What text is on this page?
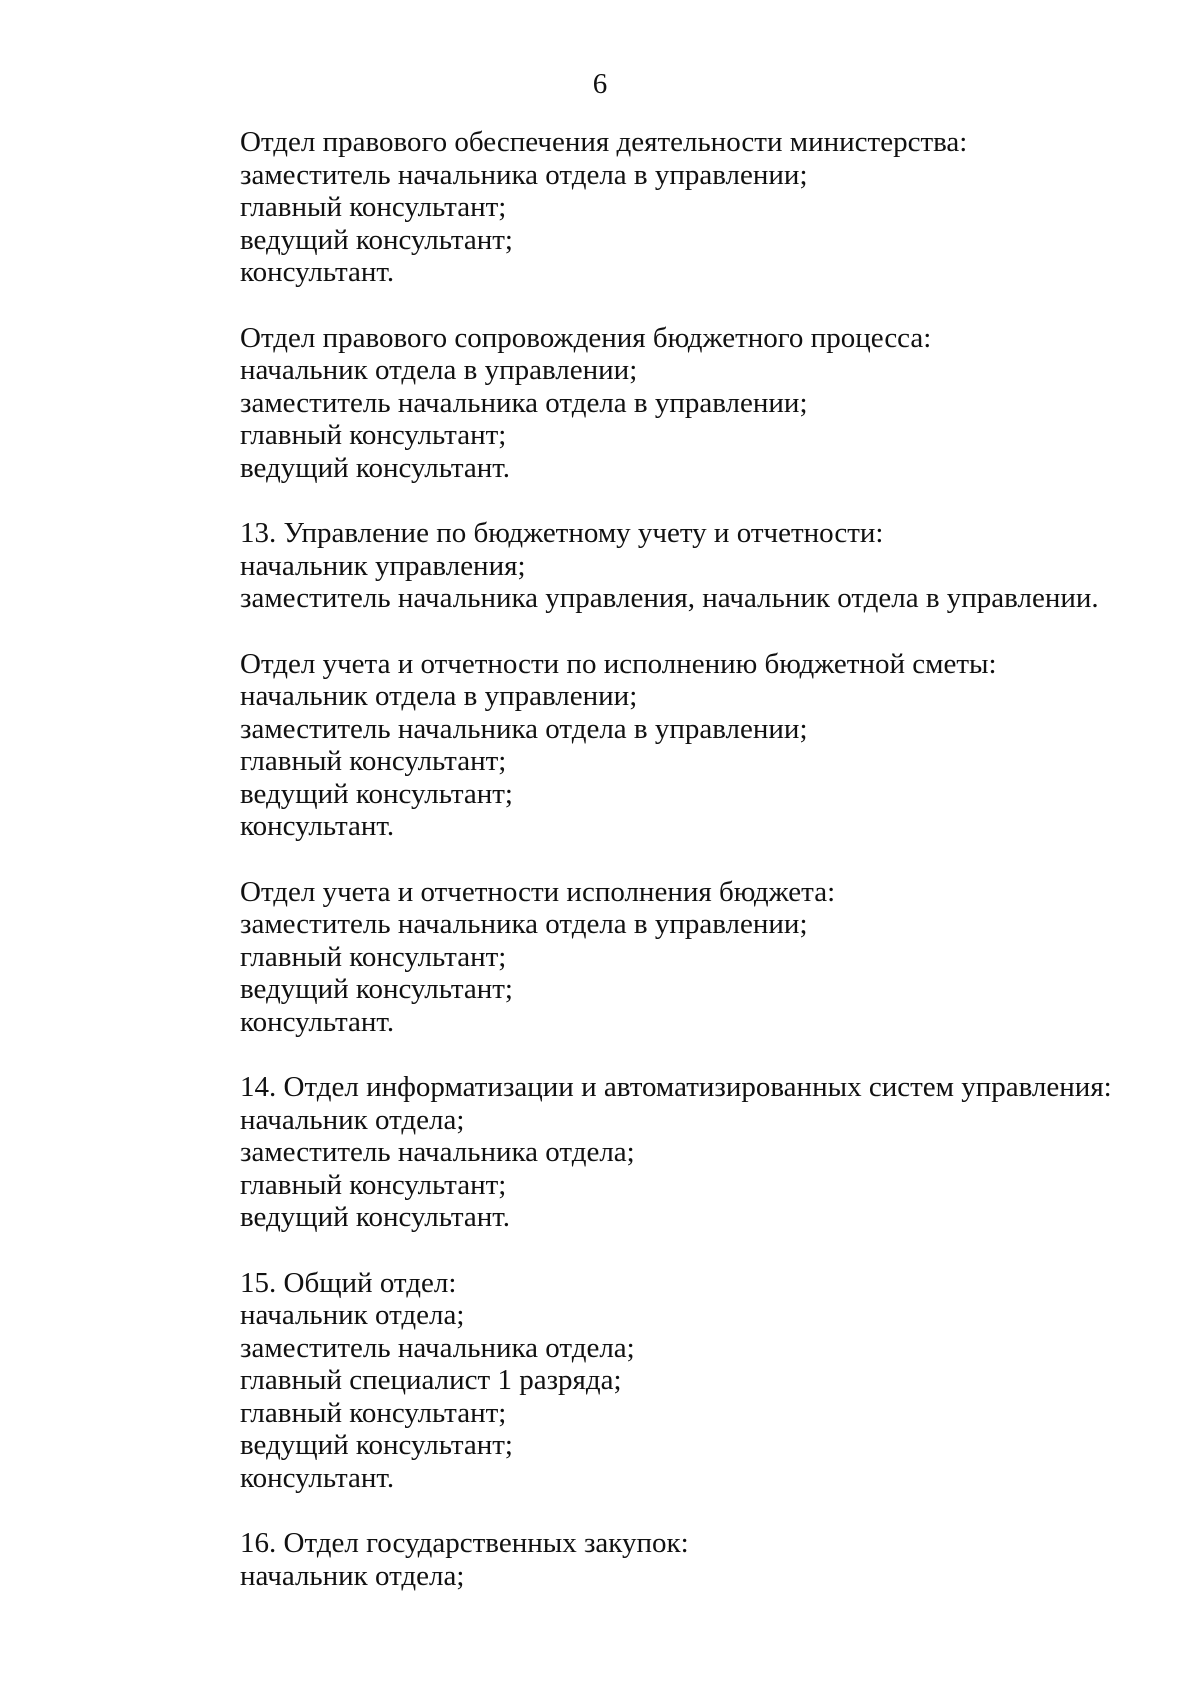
6
Отдел правового обеспечения деятельности министерства:
заместитель начальника отдела в управлении;
главный консультант;
ведущий консультант;
консультант.
Отдел правового сопровождения бюджетного процесса:
начальник отдела в управлении;
заместитель начальника отдела в управлении;
главный консультант;
ведущий консультант.
13. Управление по бюджетному учету и отчетности:
начальник управления;
заместитель начальника управления, начальник отдела в управлении.
Отдел учета и отчетности по исполнению бюджетной сметы:
начальник отдела в управлении;
заместитель начальника отдела в управлении;
главный консультант;
ведущий консультант;
консультант.
Отдел учета и отчетности исполнения бюджета:
заместитель начальника отдела в управлении;
главный консультант;
ведущий консультант;
консультант.
14. Отдел информатизации и автоматизированных систем управления:
начальник отдела;
заместитель начальника отдела;
главный консультант;
ведущий консультант.
15. Общий отдел:
начальник отдела;
заместитель начальника отдела;
главный специалист 1 разряда;
главный консультант;
ведущий консультант;
консультант.
16. Отдел государственных закупок:
начальник отдела;
